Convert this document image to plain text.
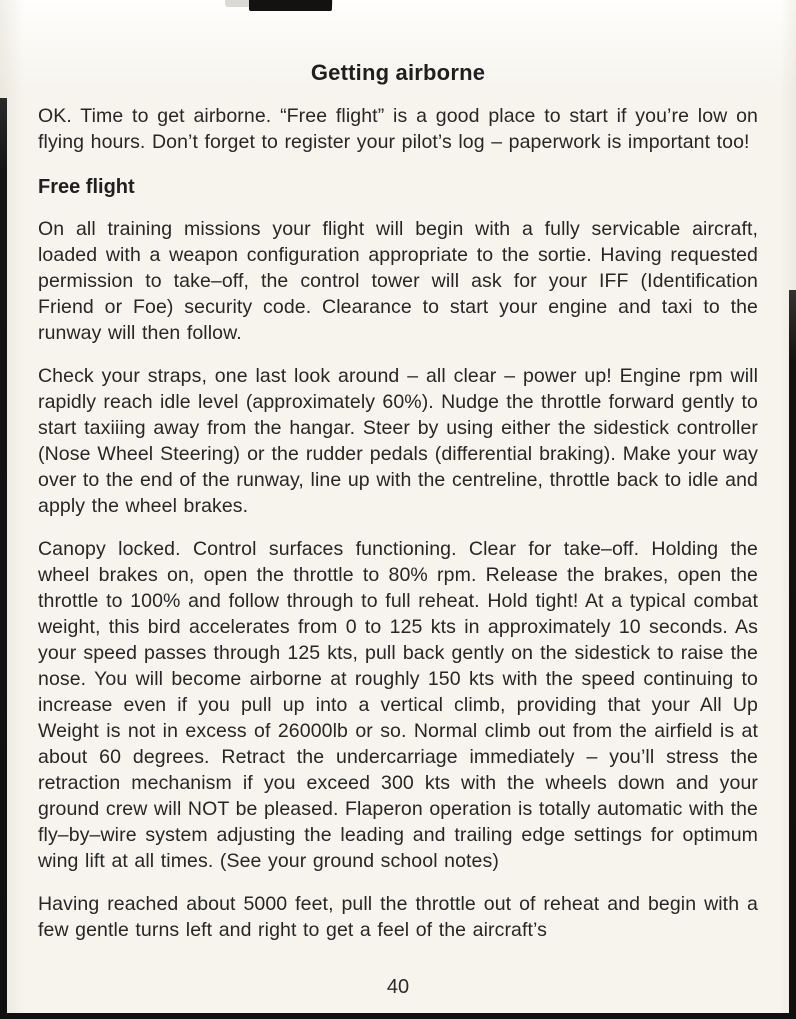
Getting airborne

OK. Time to get airborne. “Free flight” is a good place to start if you’re low on flying hours. Don’t forget to register your pilot’s log – paperwork is important too!

Free flight

On all training missions your flight will begin with a fully servicable aircraft, loaded with a weapon configuration appropriate to the sortie. Having requested permission to take–off, the control tower will ask for your IFF (Identification Friend or Foe) security code. Clearance to start your engine and taxi to the runway will then follow.

Check your straps, one last look around – all clear – power up! Engine rpm will rapidly reach idle level (approximately 60%). Nudge the throttle forward gently to start taxiiing away from the hangar. Steer by using either the sidestick controller (Nose Wheel Steering) or the rudder pedals (differential braking). Make your way over to the end of the runway, line up with the centreline, throttle back to idle and apply the wheel brakes.

Canopy locked. Control surfaces functioning. Clear for take–off. Holding the wheel brakes on, open the throttle to 80% rpm. Release the brakes, open the throttle to 100% and follow through to full reheat. Hold tight! At a typical combat weight, this bird accelerates from 0 to 125 kts in approximately 10 seconds. As your speed passes through 125 kts, pull back gently on the sidestick to raise the nose. You will become airborne at roughly 150 kts with the speed continuing to increase even if you pull up into a vertical climb, providing that your All Up Weight is not in excess of 26000lb or so. Normal climb out from the airfield is at about 60 degrees. Retract the undercarriage immediately – you’ll stress the retraction mechanism if you exceed 300 kts with the wheels down and your ground crew will NOT be pleased. Flaperon operation is totally automatic with the fly–by–wire system adjusting the leading and trailing edge settings for optimum wing lift at all times. (See your ground school notes)

Having reached about 5000 feet, pull the throttle out of reheat and begin with a few gentle turns left and right to get a feel of the aircraft’s

40
